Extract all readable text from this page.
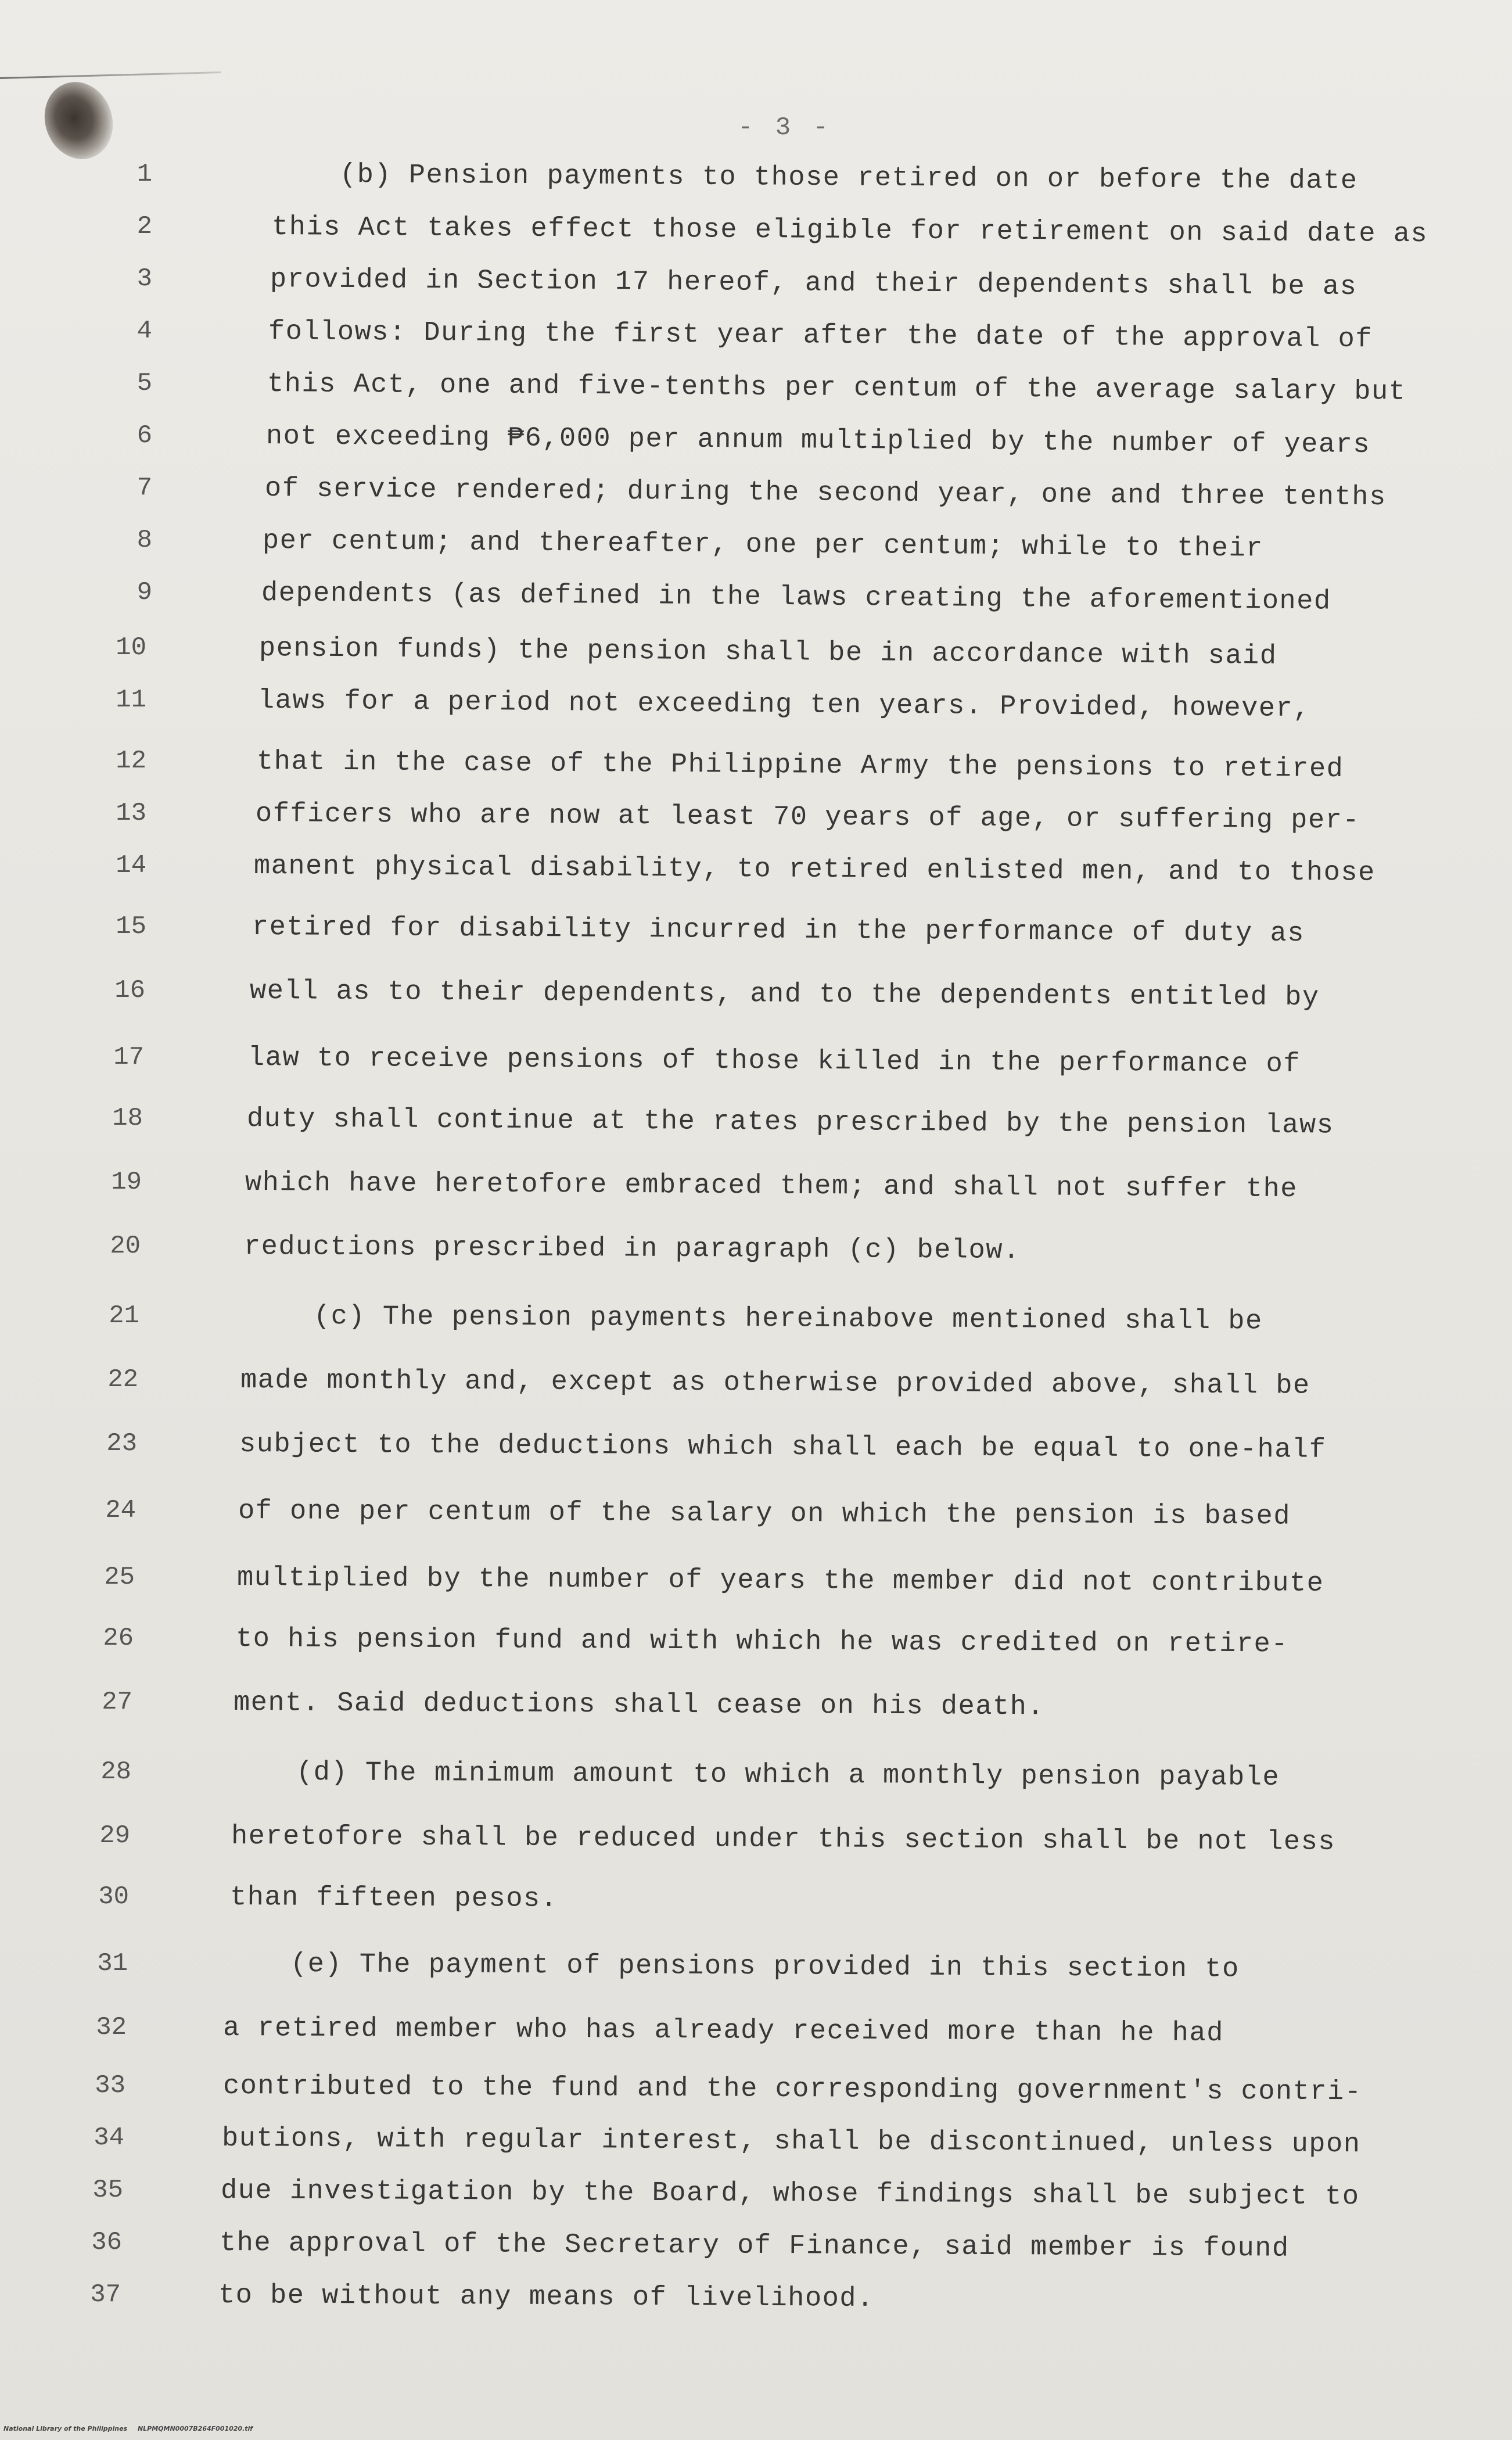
- 3 -
1	(b) Pension payments to those retired on or before the date
2	this Act takes effect those eligible for retirement on said date as
3	provided in Section 17 hereof, and their dependents shall be as
4	follows: During the first year after the date of the approval of
5	this Act, one and five-tenths per centum of the average salary but
6	not exceeding ₱6,000 per annum multiplied by the number of years
7	of service rendered; during the second year, one and three tenths
8	per centum; and thereafter, one per centum; while to their
9	dependents (as defined in the laws creating the aforementioned
10	pension funds) the pension shall be in accordance with said
11	laws for a period not exceeding ten years. Provided, however,
12	that in the case of the Philippine Army the pensions to retired
13	officers who are now at least 70 years of age, or suffering per-
14	manent physical disability, to retired enlisted men, and to those
15	retired for disability incurred in the performance of duty as
16	well as to their dependents, and to the dependents entitled by
17	law to receive pensions of those killed in the performance of
18	duty shall continue at the rates prescribed by the pension laws
19	which have heretofore embraced them; and shall not suffer the
20	reductions prescribed in paragraph (c) below.
21	(c) The pension payments hereinabove mentioned shall be
22	made monthly and, except as otherwise provided above, shall be
23	subject to the deductions which shall each be equal to one-half
24	of one per centum of the salary on which the pension is based
25	multiplied by the number of years the member did not contribute
26	to his pension fund and with which he was credited on retire-
27	ment. Said deductions shall cease on his death.
28	(d) The minimum amount to which a monthly pension payable
29	heretofore shall be reduced under this section shall be not less
30	than fifteen pesos.
31	(e) The payment of pensions provided in this section to
32	a retired member who has already received more than he had
33	contributed to the fund and the corresponding government's contri-
34	butions, with regular interest, shall be discontinued, unless upon
35	due investigation by the Board, whose findings shall be subject to
36	the approval of the Secretary of Finance, said member is found
37	to be without any means of livelihood.
National Library of the Philippines NLPMQMN0007B264F001020.tif
